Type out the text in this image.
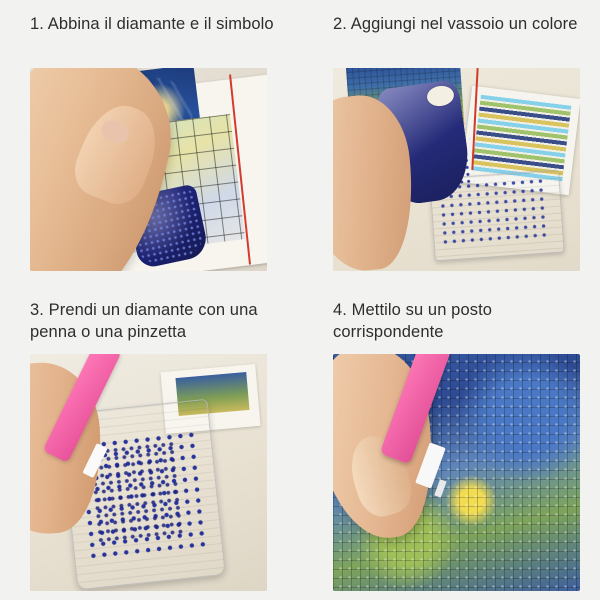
1. Abbina il diamante e il simbolo	2. Aggiungi nel vassoio un colore

3. Prendi un diamante con una penna o una pinzetta

4. Mettilo su un posto corrispondente
